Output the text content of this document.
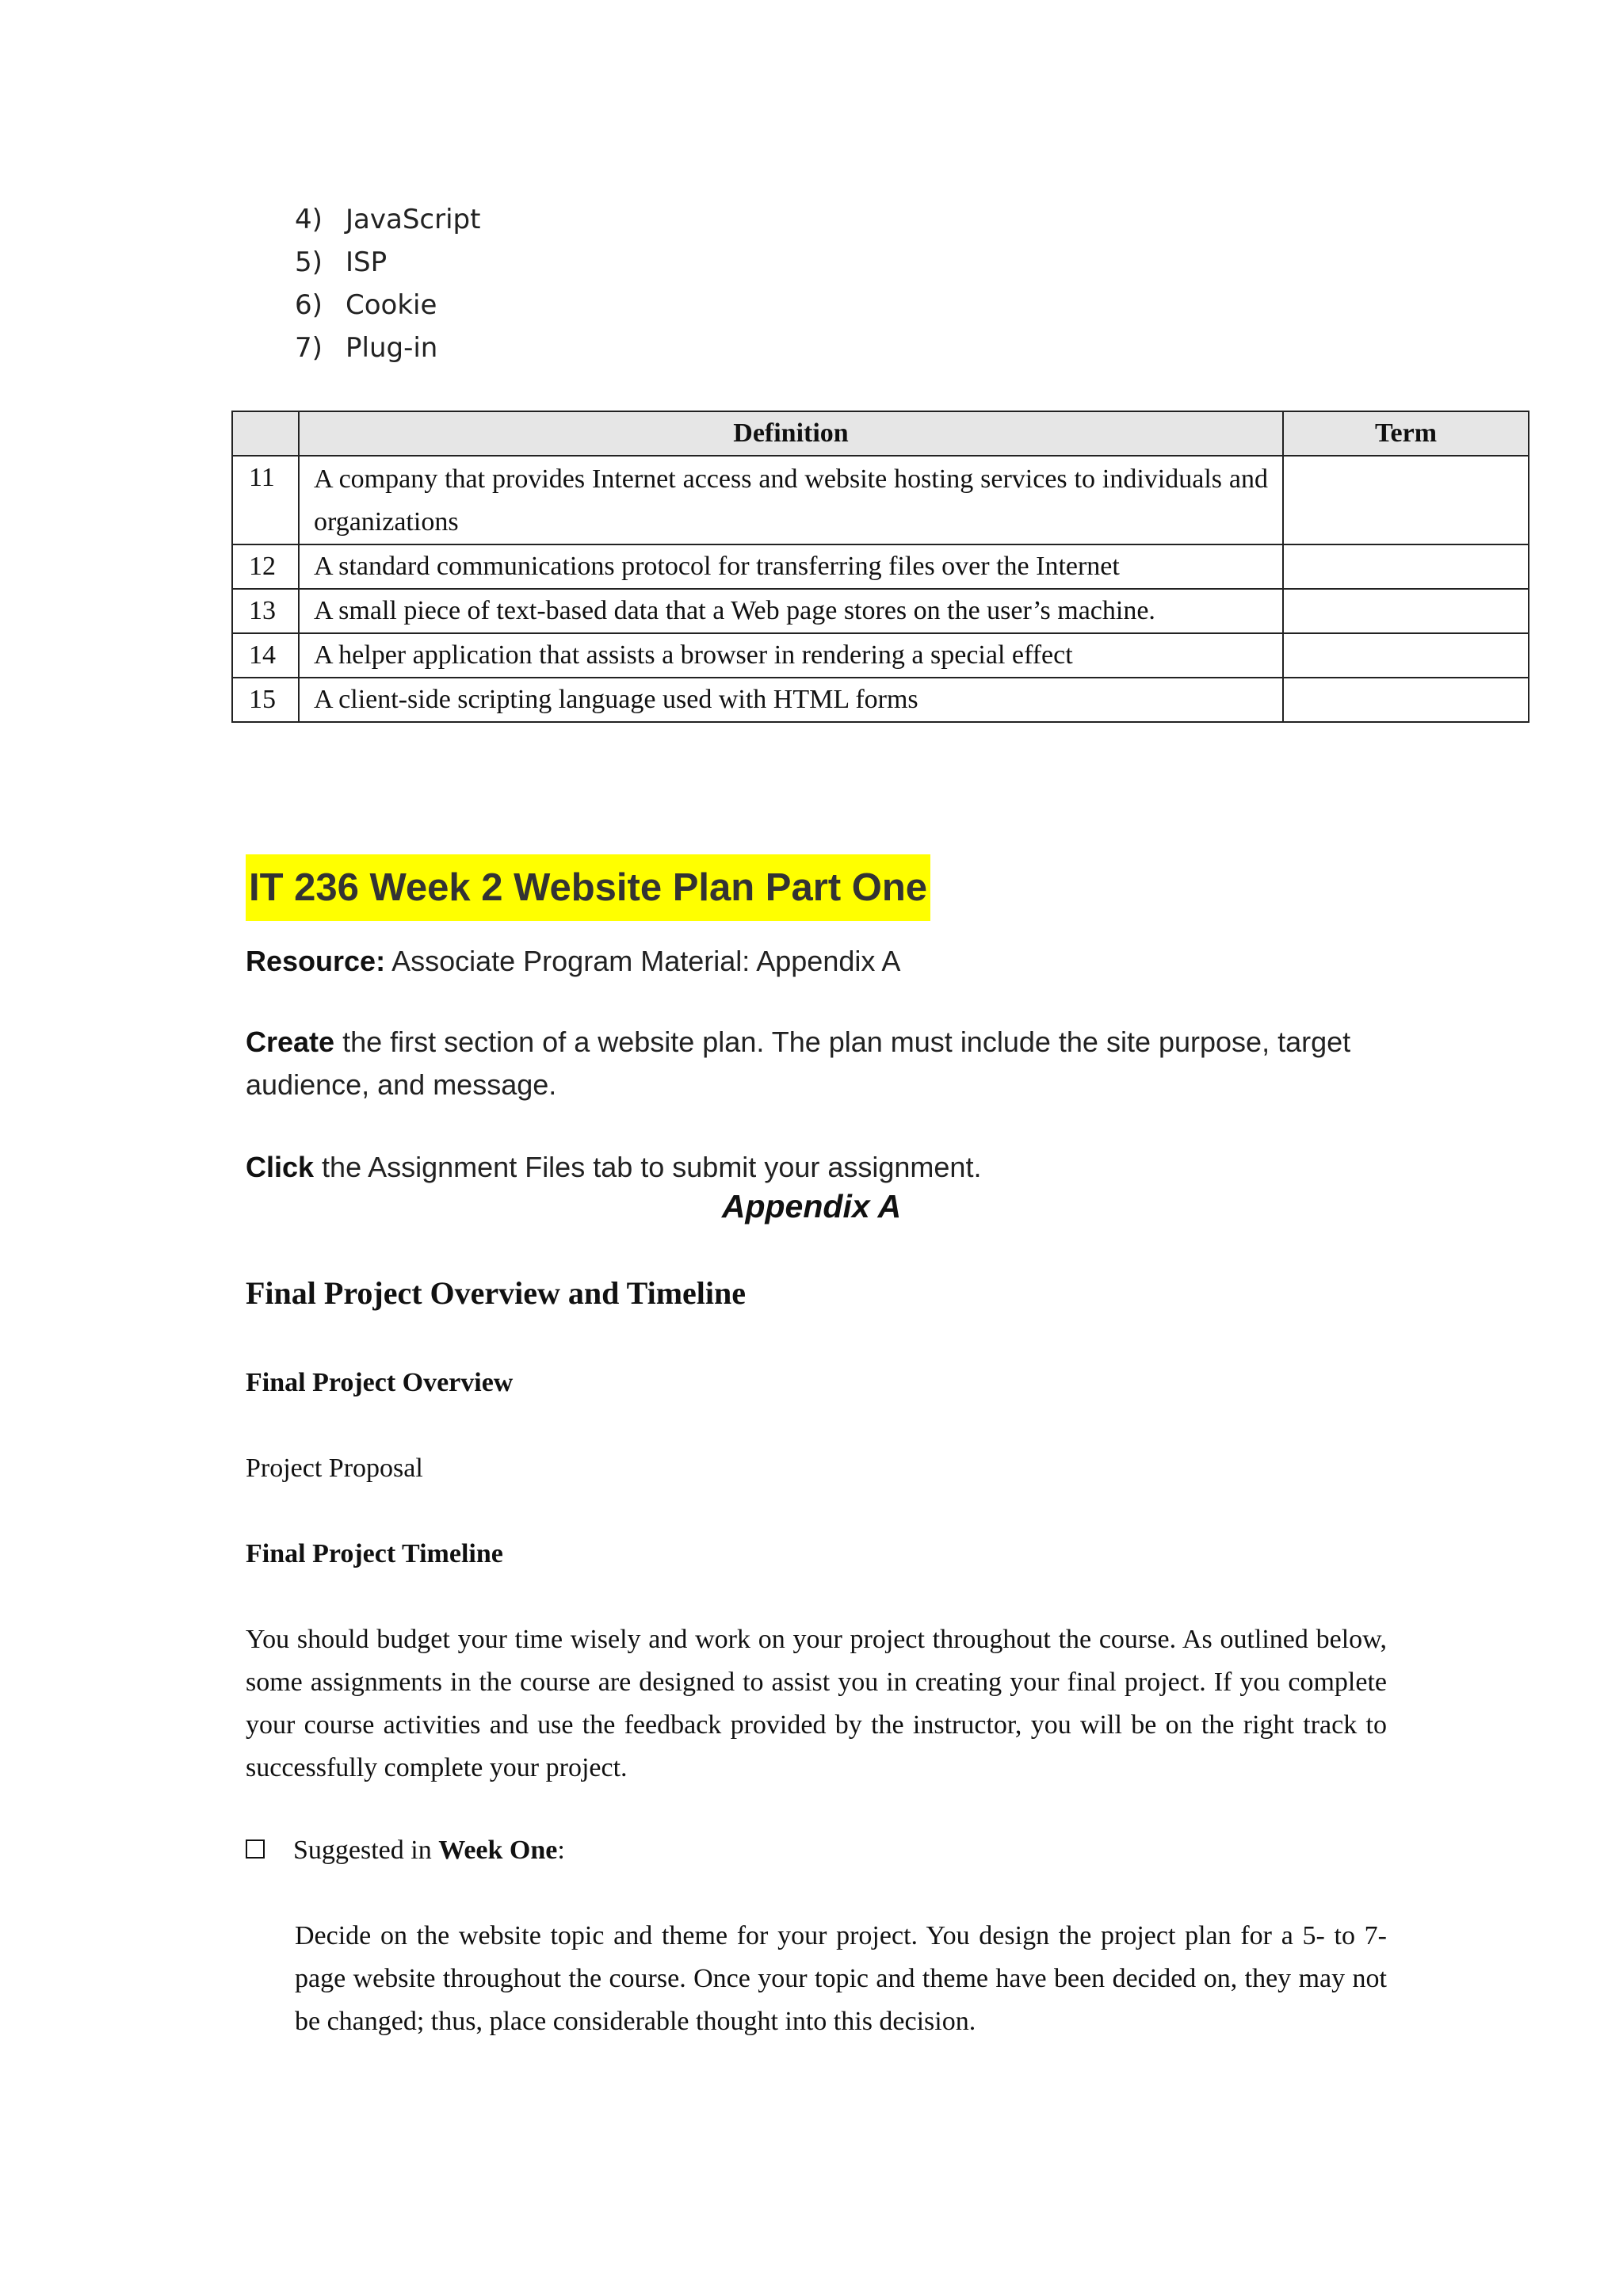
4) JavaScript
5) ISP
6) Cookie
7) Plug-in
	Definition	Term
11	A company that provides Internet access and website hosting services to individuals and organizations	
12	A standard communications protocol for transferring files over the Internet	
13	A small piece of text-based data that a Web page stores on the user’s machine.	
14	A helper application that assists a browser in rendering a special effect	
15	A client-side scripting language used with HTML forms	
IT 236 Week 2 Website Plan Part One

Resource: Associate Program Material: Appendix A

Create the first section of a website plan. The plan must include the site purpose, target audience, and message.

Click the Assignment Files tab to submit your assignment.

Appendix A
Final Project Overview and Timeline
Final Project Overview

Project Proposal

Final Project Timeline

You should budget your time wisely and work on your project throughout the course. As outlined below, some assignments in the course are designed to assist you in creating your final project. If you complete your course activities and use the feedback provided by the instructor, you will be on the right track to successfully complete your project.

Suggested in Week One:

Decide on the website topic and theme for your project. You design the project plan for a 5- to 7-page website throughout the course. Once your topic and theme have been decided on, they may not be changed; thus, place considerable thought into this decision.
